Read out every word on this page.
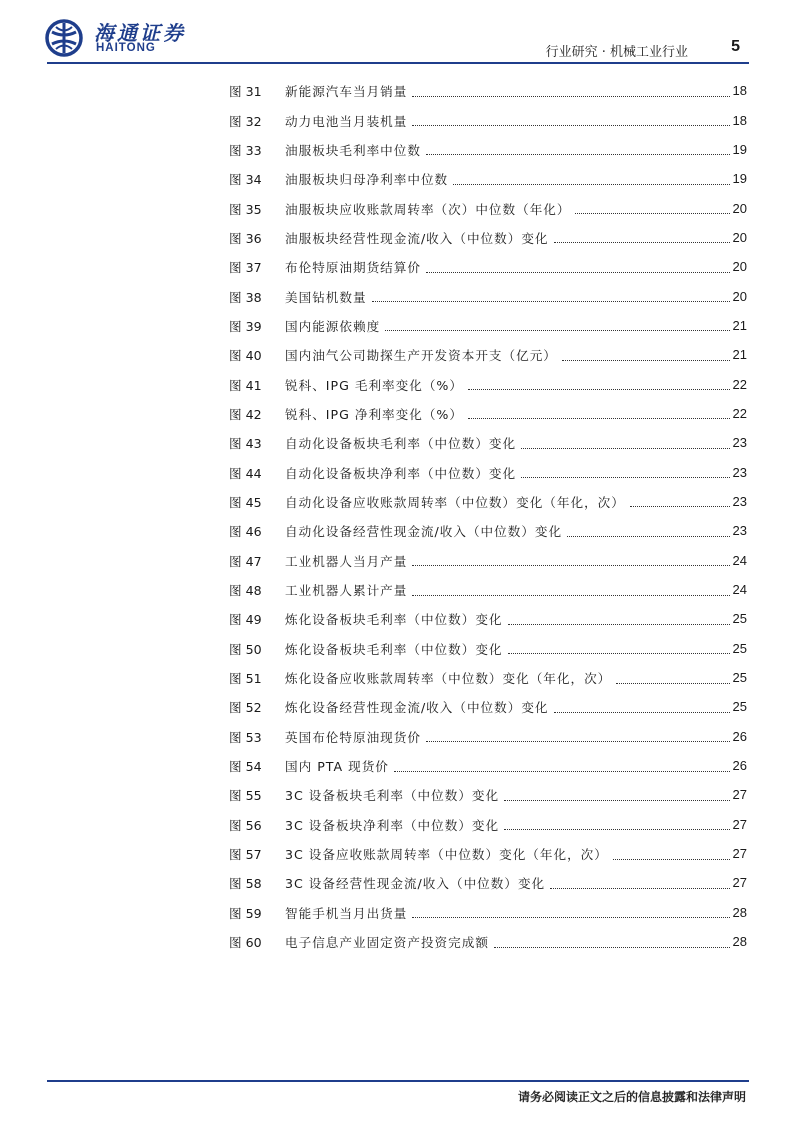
海通证券
HAITONG	行业研究 · 机械工业行业	5
图 31	新能源汽车当月销量	18
图 32	动力电池当月装机量	18
图 33	油服板块毛利率中位数	19
图 34	油服板块归母净利率中位数	19
图 35	油服板块应收账款周转率（次）中位数（年化）	20
图 36	油服板块经营性现金流/收入（中位数）变化	20
图 37	布伦特原油期货结算价	20
图 38	美国钻机数量	20
图 39	国内能源依赖度	21
图 40	国内油气公司勘探生产开发资本开支（亿元）	21
图 41	锐科、IPG 毛利率变化（%）	22
图 42	锐科、IPG 净利率变化（%）	22
图 43	自动化设备板块毛利率（中位数）变化	23
图 44	自动化设备板块净利率（中位数）变化	23
图 45	自动化设备应收账款周转率（中位数）变化（年化，次）	23
图 46	自动化设备经营性现金流/收入（中位数）变化	23
图 47	工业机器人当月产量	24
图 48	工业机器人累计产量	24
图 49	炼化设备板块毛利率（中位数）变化	25
图 50	炼化设备板块毛利率（中位数）变化	25
图 51	炼化设备应收账款周转率（中位数）变化（年化，次）	25
图 52	炼化设备经营性现金流/收入（中位数）变化	25
图 53	英国布伦特原油现货价	26
图 54	国内 PTA 现货价	26
图 55	3C 设备板块毛利率（中位数）变化	27
图 56	3C 设备板块净利率（中位数）变化	27
图 57	3C 设备应收账款周转率（中位数）变化（年化，次）	27
图 58	3C 设备经营性现金流/收入（中位数）变化	27
图 59	智能手机当月出货量	28
图 60	电子信息产业固定资产投资完成额	28
请务必阅读正文之后的信息披露和法律声明
